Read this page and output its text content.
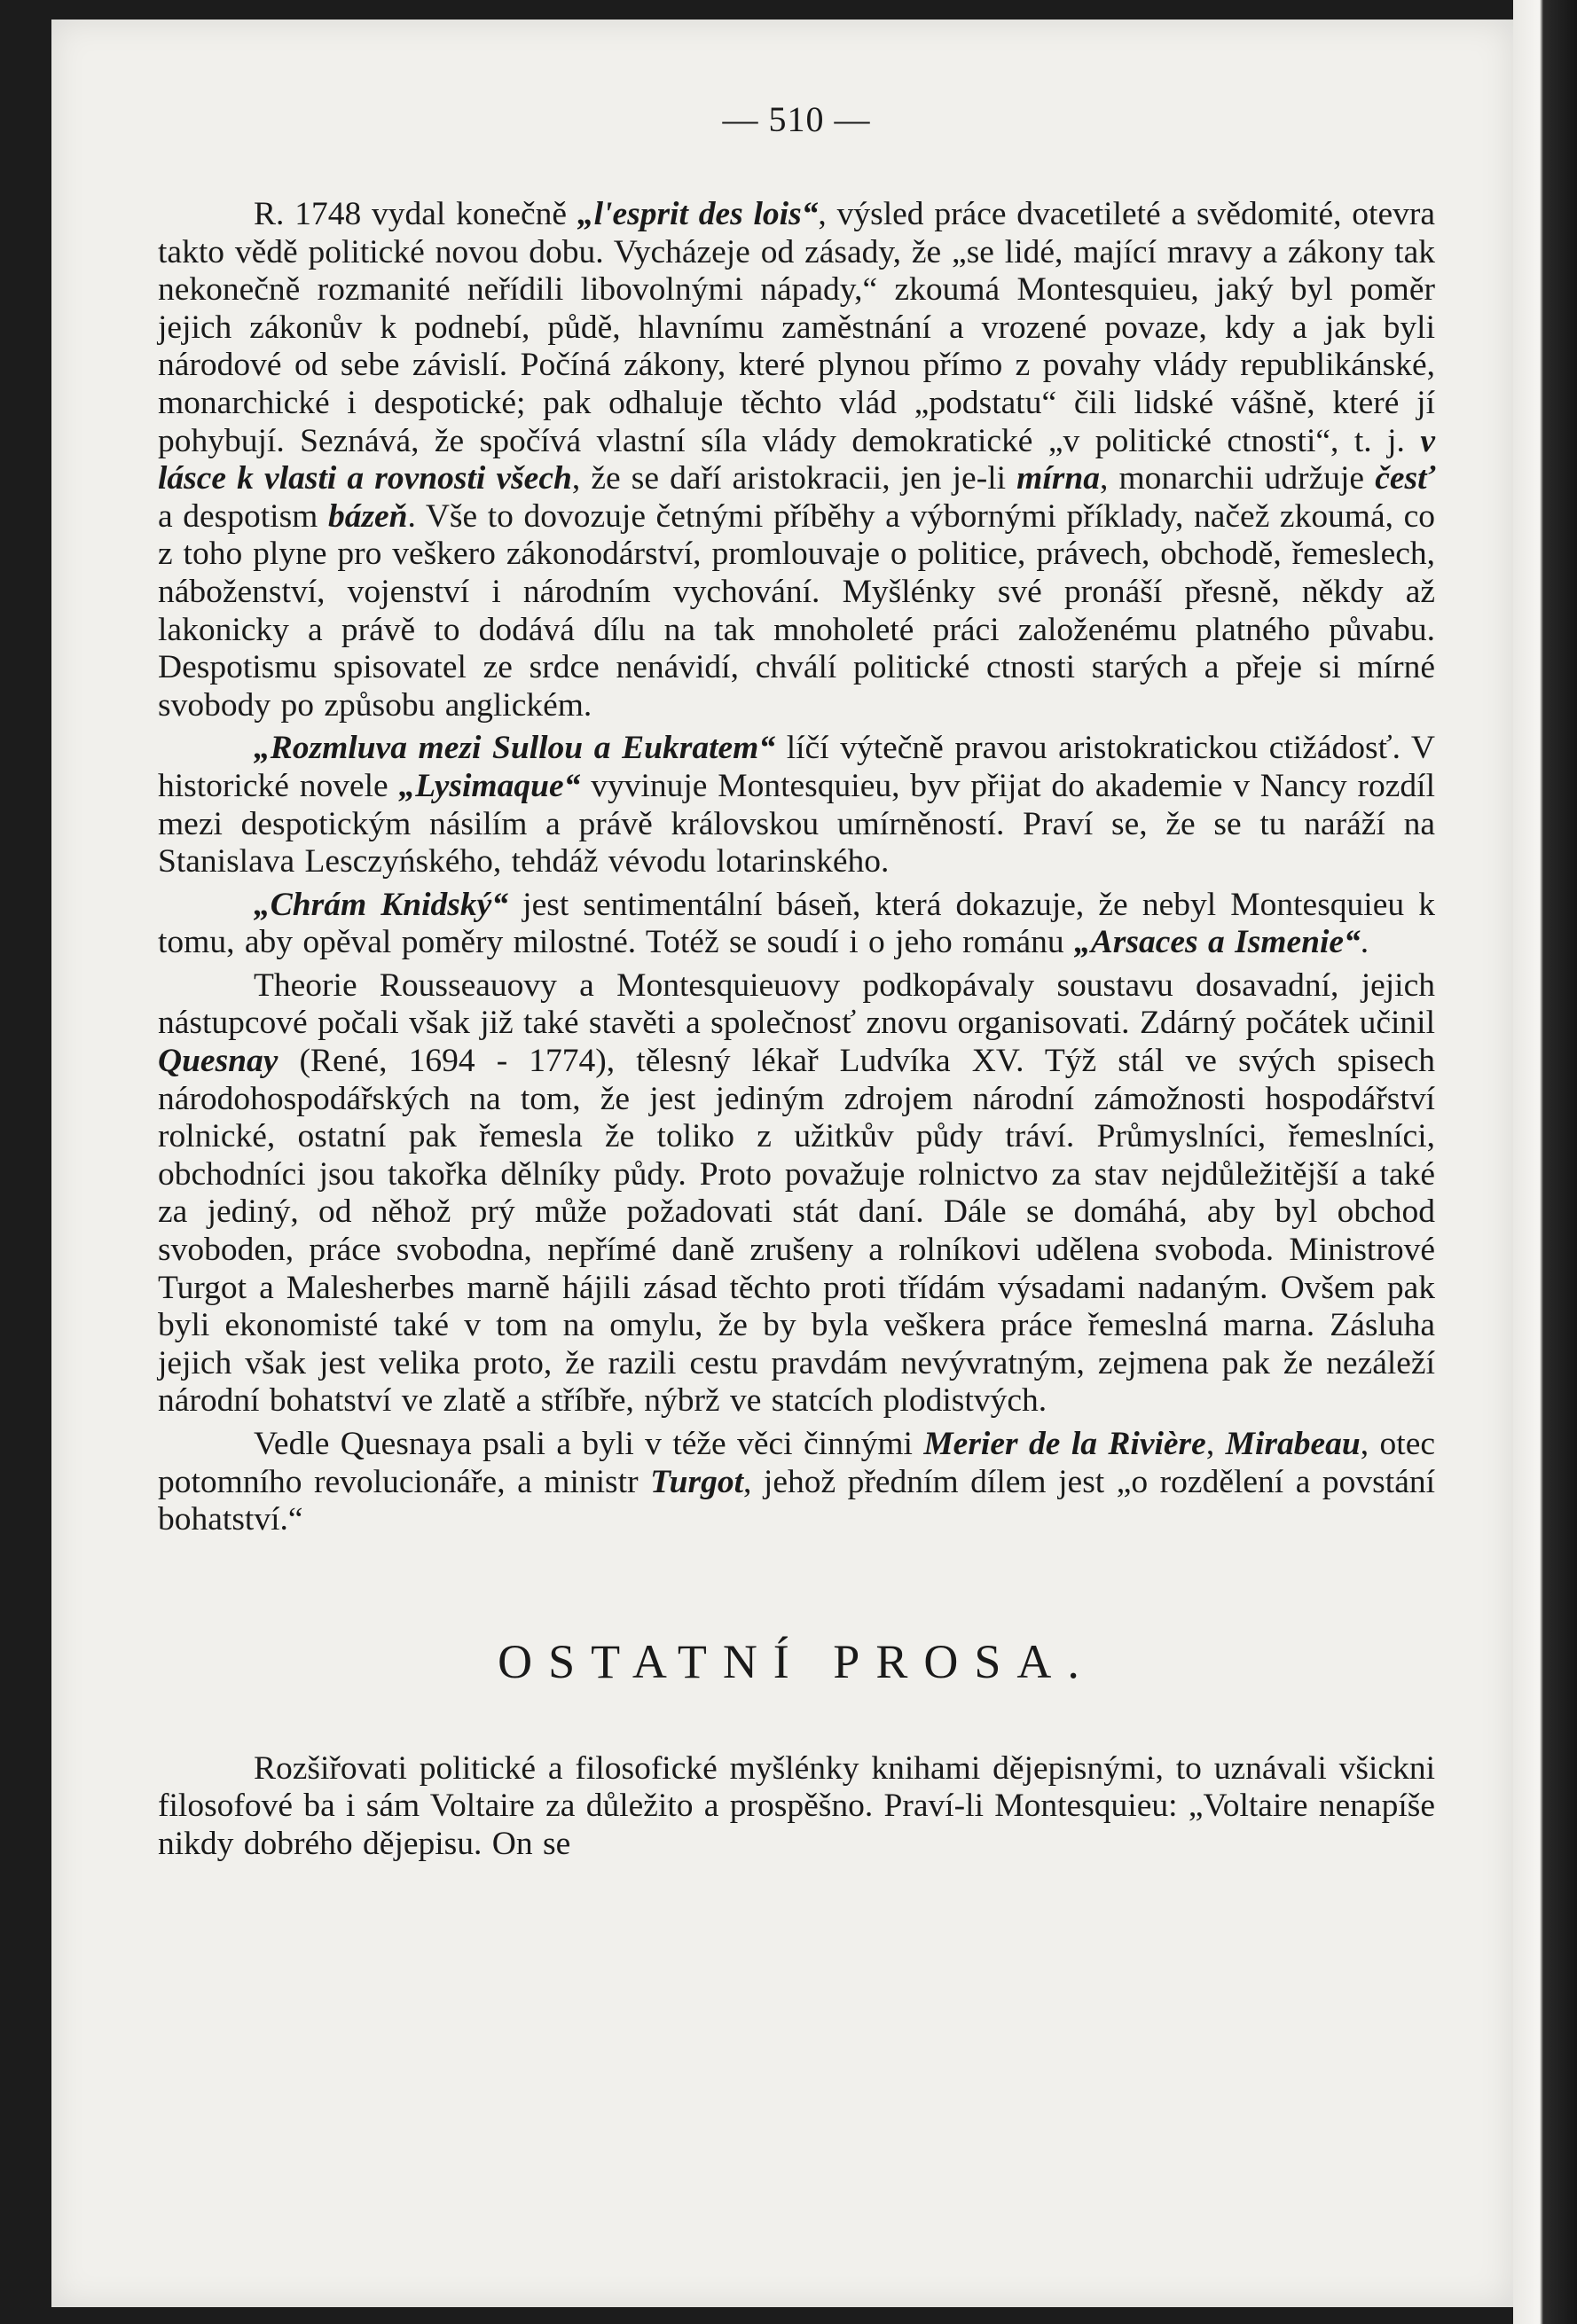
— 510 —

R. 1748 vydal konečně „l'esprit des lois“, výsled práce dvacetileté a svědomité, otevra takto vědě politické novou dobu. Vycházeje od zásady, že „se lidé, mající mravy a zákony tak nekonečně rozmanité neřídili libovolnými nápady,“ zkoumá Montesquieu, jaký byl poměr jejich zákonův k podnebí, půdě, hlavnímu zaměstnání a vrozené povaze, kdy a jak byli národové od sebe závislí. Počíná zákony, které plynou přímo z povahy vlády republikánské, monarchické i despotické; pak odhaluje těchto vlád „podstatu“ čili lidské vášně, které jí pohybují. Seznává, že spočívá vlastní síla vlády demokratické „v politické ctnosti“, t. j. v lásce k vlasti a rovnosti všech, že se daří aristokracii, jen je-li mírna, monarchii udržuje česť a despotism bázeň. Vše to dovozuje četnými příběhy a výbornými příklady, načež zkoumá, co z toho plyne pro veškero zákonodárství, promlouvaje o politice, právech, obchodě, řemeslech, náboženství, vojenství i národním vychování. Myšlénky své pronáší přesně, někdy až lakonicky a právě to dodává dílu na tak mnoholeté práci založenému platného půvabu. Despotismu spisovatel ze srdce nenávidí, chválí politické ctnosti starých a přeje si mírné svobody po způsobu anglickém.

„Rozmluva mezi Sullou a Eukratem“ líčí výtečně pravou aristokratickou ctižádosť. V historické novele „Lysimaque“ vyvinuje Montesquieu, byv přijat do akademie v Nancy rozdíl mezi despotickým násilím a právě královskou umírněností. Praví se, že se tu naráží na Stanislava Lesczyńského, tehdáž vévodu lotarinského.

„Chrám Knidský“ jest sentimentální báseň, která dokazuje, že nebyl Montesquieu k tomu, aby opěval poměry milostné. Totéž se soudí i o jeho románu „Arsaces a Ismenie“.

Theorie Rousseauovy a Montesquieuovy podkopávaly soustavu dosavadní, jejich nástupcové počali však již také stavěti a společnosť znovu organisovati. Zdárný počátek učinil Quesnay (René, 1694 - 1774), tělesný lékař Ludvíka XV. Týž stál ve svých spisech národohospodářských na tom, že jest jediným zdrojem národní zámožnosti hospodářství rolnické, ostatní pak řemesla že toliko z užitkův půdy tráví. Průmyslníci, řemeslníci, obchodníci jsou takořka dělníky půdy. Proto považuje rolnictvo za stav nejdůležitější a také za jediný, od něhož prý může požadovati stát daní. Dále se domáhá, aby byl obchod svoboden, práce svobodna, nepřímé daně zrušeny a rolníkovi udělena svoboda. Ministrové Turgot a Malesherbes marně hájili zásad těchto proti třídám výsadami nadaným. Ovšem pak byli ekonomisté také v tom na omylu, že by byla veškera práce řemeslná marna. Zásluha jejich však jest velika proto, že razili cestu pravdám nevývratným, zejmena pak že nezáleží národní bohatství ve zlatě a stříbře, nýbrž ve statcích plodistvých.

Vedle Quesnaya psali a byli v téže věci činnými Merier de la Rivière, Mirabeau, otec potomního revolucionáře, a ministr Turgot, jehož předním dílem jest „o rozdělení a povstání bohatství.“

OSTATNÍ PROSA.

Rozšiřovati politické a filosofické myšlénky knihami dějepisnými, to uznávali všickni filosofové ba i sám Voltaire za důležito a prospěšno. Praví-li Montesquieu: „Voltaire nenapíše nikdy dobrého dějepisu. On se
